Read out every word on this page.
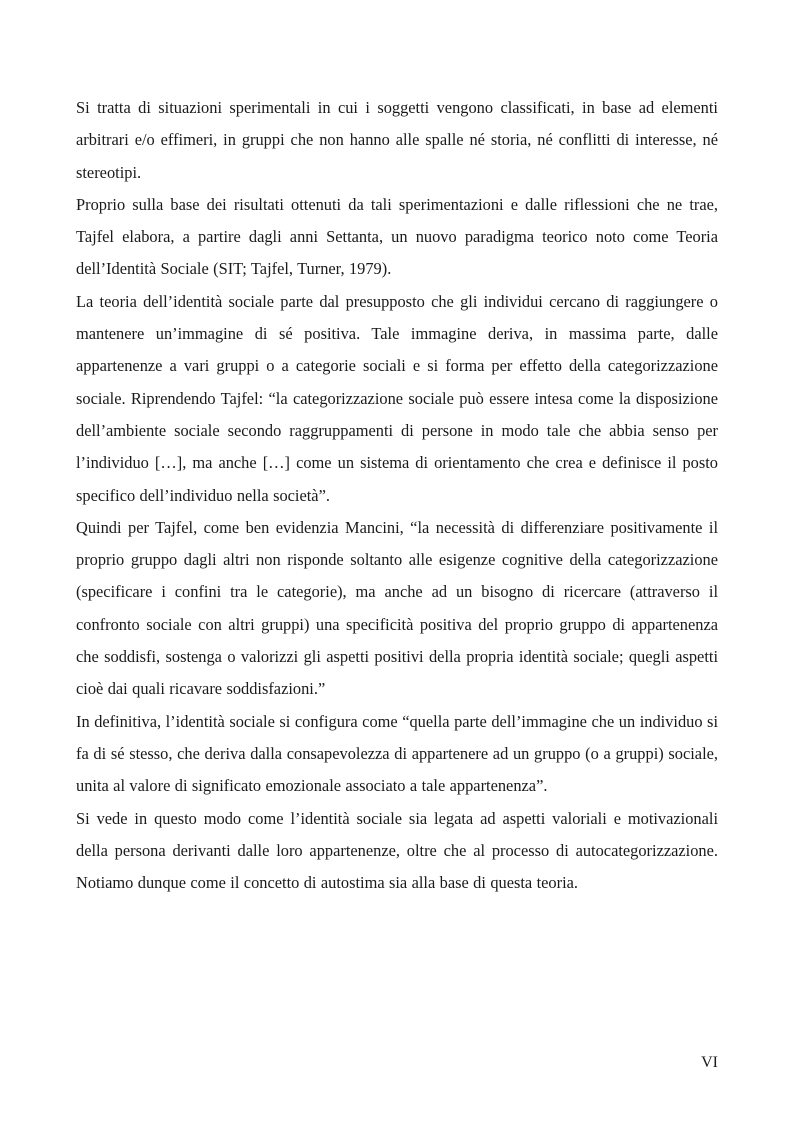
Si tratta di situazioni sperimentali in cui i soggetti vengono classificati, in base ad elementi arbitrari e/o effimeri, in gruppi che non hanno alle spalle né storia, né conflitti di interesse, né stereotipi.

Proprio sulla base dei risultati ottenuti da tali sperimentazioni e dalle riflessioni che ne trae, Tajfel elabora, a partire dagli anni Settanta, un nuovo paradigma teorico noto come Teoria dell’Identità Sociale (SIT; Tajfel, Turner, 1979).

La teoria dell’identità sociale parte dal presupposto che gli individui cercano di raggiungere o mantenere un’immagine di sé positiva. Tale immagine deriva, in massima parte, dalle appartenenze a vari gruppi o a categorie sociali e si forma per effetto della categorizzazione sociale. Riprendendo Tajfel: “la categorizzazione sociale può essere intesa come la disposizione dell’ambiente sociale secondo raggruppamenti di persone in modo tale che abbia senso per l’individuo […], ma anche […] come un sistema di orientamento che crea e definisce il posto specifico dell’individuo nella società”.

Quindi per Tajfel, come ben evidenzia Mancini, “la necessità di differenziare positivamente il proprio gruppo dagli altri non risponde soltanto alle esigenze cognitive della categorizzazione (specificare i confini tra le categorie), ma anche ad un bisogno di ricercare (attraverso il confronto sociale con altri gruppi) una specificità positiva del proprio gruppo di appartenenza che soddisfi, sostenga o valorizzi gli aspetti positivi della propria identità sociale; quegli aspetti cioè dai quali ricavare soddisfazioni.”

In definitiva, l’identità sociale si configura come “quella parte dell’immagine che un individuo si fa di sé stesso, che deriva dalla consapevolezza di appartenere ad un gruppo (o a gruppi) sociale, unita al valore di significato emozionale associato a tale appartenenza”.

Si vede in questo modo come l’identità sociale sia legata ad aspetti valoriali e motivazionali della persona derivanti dalle loro appartenenze, oltre che al processo di autocategorizzazione. Notiamo dunque come il concetto di autostima sia alla base di questa teoria.

VI
